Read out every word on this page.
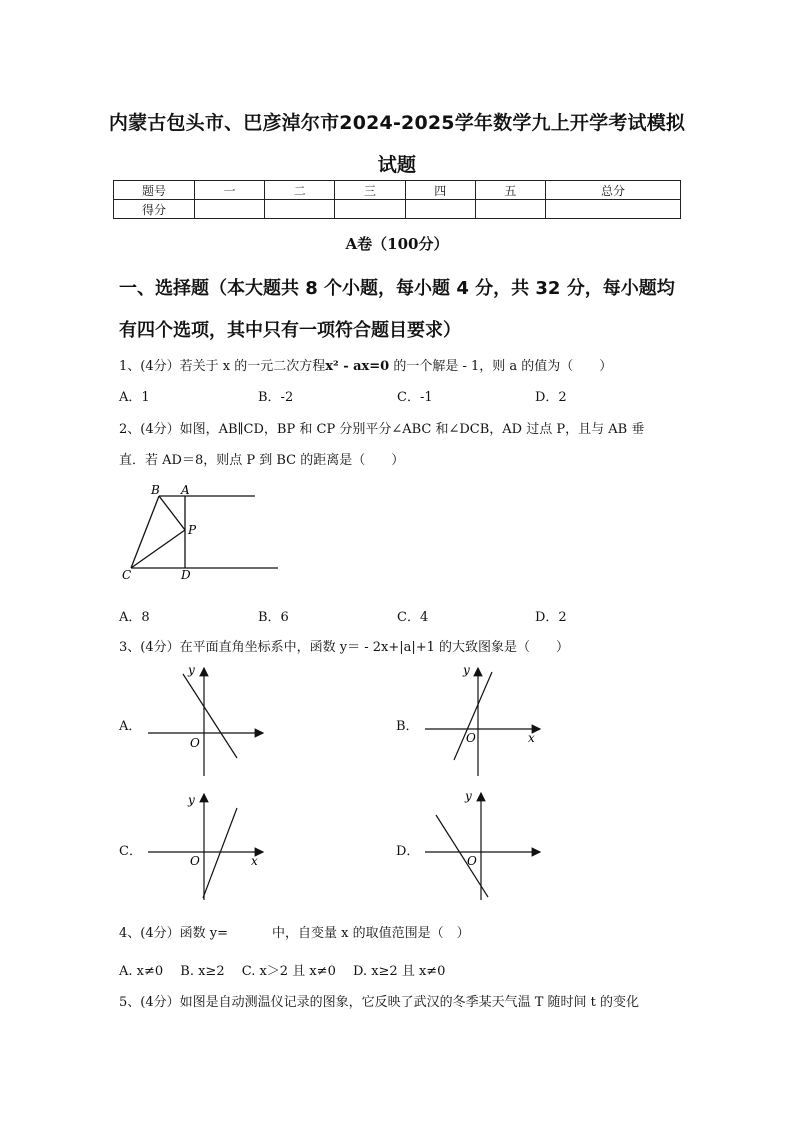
内蒙古包头市、巴彦淖尔市2024-2025学年数学九上开学考试模拟
试题
题号	一	二	三	四	五	总分
得分						
A卷（100分）
一、选择题（本大题共 8 个小题，每小题 4 分，共 32 分，每小题均
有四个选项，其中只有一项符合题目要求）
1、(4分）若关于 x 的一元二次方程x² - ax=0 的一个解是 - 1，则 a 的值为（　　）
A．1	B．-2	C．-1	D．2
2、(4分）如图，AB∥CD，BP 和 CP 分别平分∠ABC 和∠DCB，AD 过点 P，且与 AB 垂
直．若 AD＝8，则点 P 到 BC 的距离是（　　）
B A
P
C	D
A．8	B．6	C．4	D．2
3、(4分）在平面直角坐标系中，函数 y＝ - 2x+|a|+1 的大致图象是（　　）
A．	B．
C．	D．
y
O
y
x
O
y
x
O
y
O
4、(4分）函数 y=	中，自变量 x 的取值范围是（　）
A. x≠0　 B. x≥2　 C. x＞2 且 x≠0　 D. x≥2 且 x≠0
5、(4分）如图是自动测温仪记录的图象，它反映了武汉的冬季某天气温 T 随时间 t 的变化
